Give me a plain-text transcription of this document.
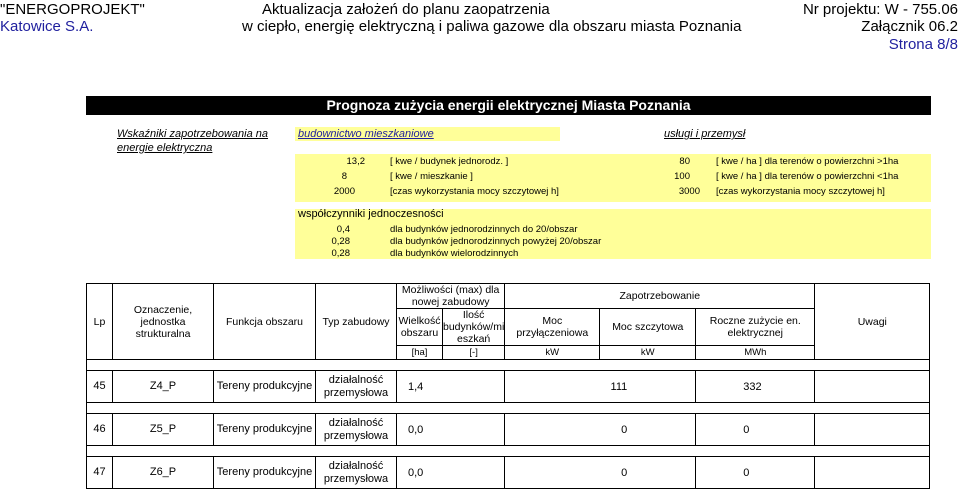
"ENERGOPROJEKT"
Katowice S.A.
Aktualizacja założeń do planu zaopatrzenia
w ciepło, energię elektryczną i paliwa gazowe dla obszaru miasta Poznania
Nr projektu: W - 755.06
Załącznik 06.2
Strona 8/8
Prognoza zużycia energii elektrycznej Miasta Poznania
Wskaźniki zapotrzebowania na
energie elektryczna
budownictwo mieszkaniowe	usługi i przemysł
13,2	[ kwe / budynek jednorodz. ]	80	[ kwe / ha ] dla terenów o powierzchni >1ha
8	[ kwe / mieszkanie ]	100	[ kwe / ha ] dla terenów o powierzchni <1ha
2000	[czas wykorzystania mocy szczytowej h]	3000 [czas wykorzystania mocy szczytowej h]
współczynniki jednoczesności
0,4	dla budynków jednorodzinnych do 20/obszar
0,28	dla budynków jednorodzinnych powyżej 20/obszar
0,28	dla budynków wielorodzinnych
Lp	Oznaczenie, jednostka strukturalna	Funkcja obszaru	Typ zabudowy	Możliwości (max) dla nowej zabudowy		Zapotrzebowanie			Uwagi
				Wielkość obszaru	Ilość budynków/mi eszkań	Moc przyłączeniowa	Moc szczytowa	Roczne zużycie en. elektrycznej	
				[ha]	[-]	kW	kW	MWh	

45	Z4_P	Tereny produkcyjne	działalność przemysłowa	1,4		111		332	

46	Z5_P	Tereny produkcyjne	działalność przemysłowa	0,0		0		0	

47	Z6_P	Tereny produkcyjne	działalność przemysłowa	0,0		0		0	
